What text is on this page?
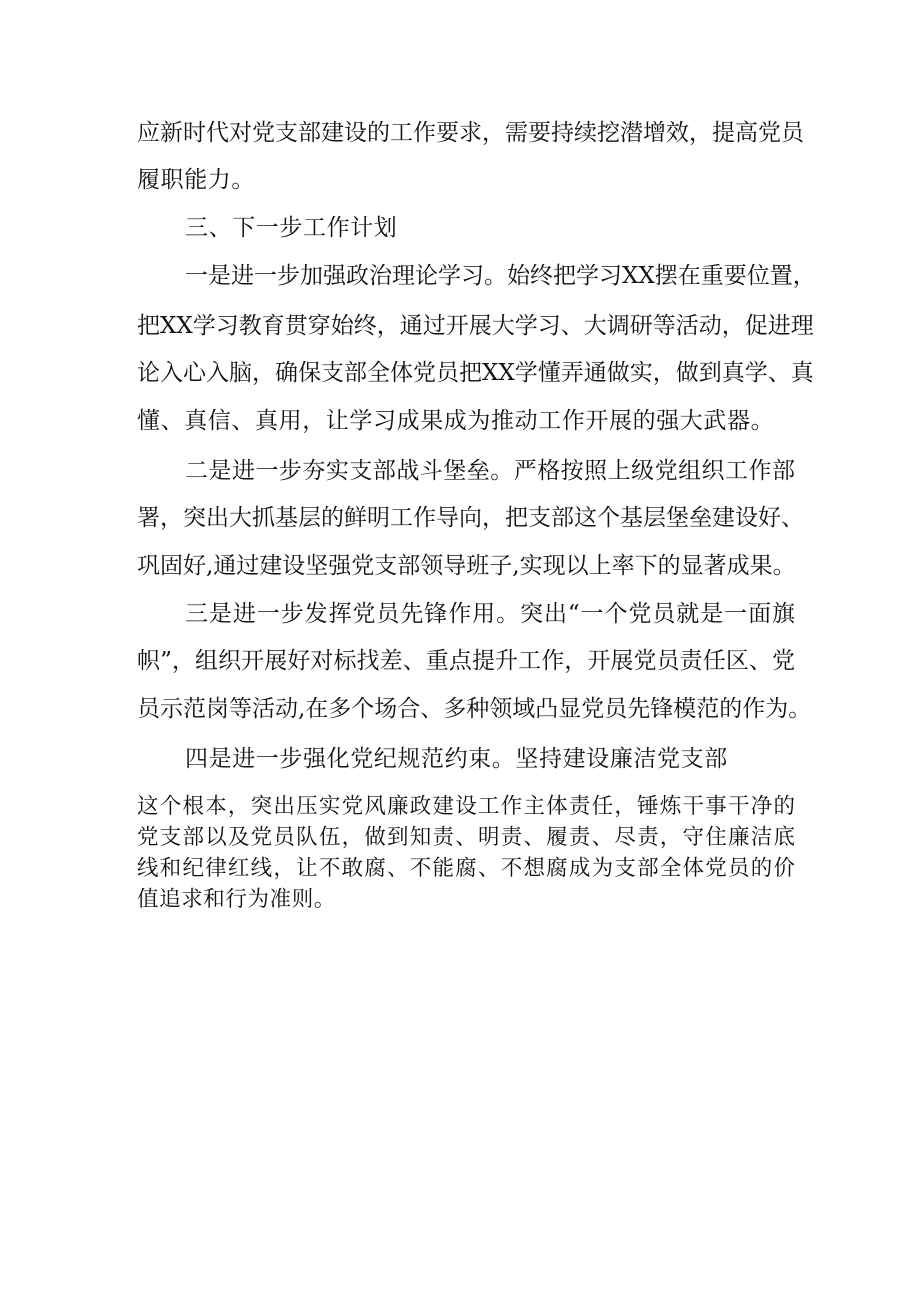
应新时代对党支部建设的工作要求，需要持续挖潜增效，提高党员
履职能力。
三、下一步工作计划
一是进一步加强政治理论学习。始终把学习XX摆在重要位置，
把XX学习教育贯穿始终，通过开展大学习、大调研等活动，促进理
论入心入脑，确保支部全体党员把XX学懂弄通做实，做到真学、真
懂、真信、真用，让学习成果成为推动工作开展的强大武器。
二是进一步夯实支部战斗堡垒。严格按照上级党组织工作部
署，突出大抓基层的鲜明工作导向，把支部这个基层堡垒建设好、
巩固好,通过建设坚强党支部领导班子,实现以上率下的显著成果。
三是进一步发挥党员先锋作用。突出“一个党员就是一面旗
帜”，组织开展好对标找差、重点提升工作，开展党员责任区、党
员示范岗等活动,在多个场合、多种领域凸显党员先锋模范的作为。
四是进一步强化党纪规范约束。坚持建设廉洁党支部
这个根本，突出压实党风廉政建设工作主体责任，锤炼干事干净的
党支部以及党员队伍，做到知责、明责、履责、尽责，守住廉洁底
线和纪律红线，让不敢腐、不能腐、不想腐成为支部全体党员的价
值追求和行为准则。
